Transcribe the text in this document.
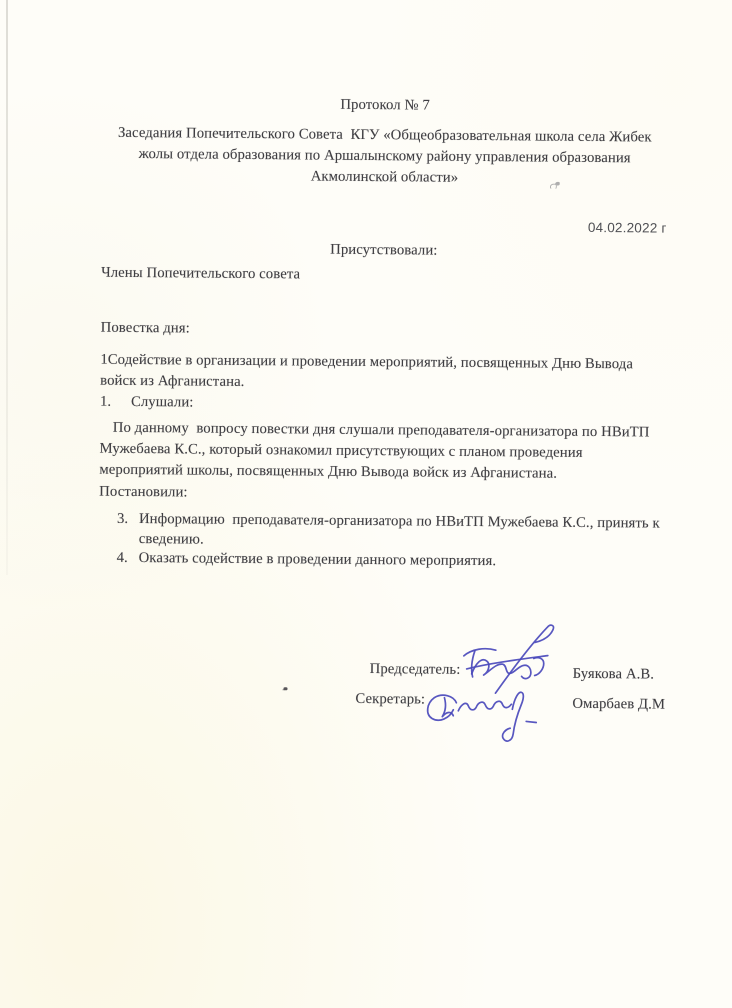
Протокол № 7

Заседания Попечительского Совета  КГУ «Общеобразовательная школа села Жибек жолы отдела образования по Аршалынскому району управления образования Акмолинской области»

04.02.2022 г

Присутствовали:

Члены Попечительского совета

Повестка дня:

1Содействие в организации и проведении мероприятий, посвященных Дню Вывода войск из Афганистана.

1.	Слушали:

По данному  вопросу повестки дня слушали преподавателя-организатора по НВиТП Мужебаева К.С., который ознакомил присутствующих с планом проведения  мероприятий школы, посвященных Дню Вывода войск из Афганистана.

Постановили:

3. Информацию  преподавателя-организатора по НВиТП Мужебаева К.С., принять к сведению.
4. Оказать содействие в проведении данного мероприятия.
Председатель:	Буякова А.В.
Секретарь:	Омарбаев Д.М
